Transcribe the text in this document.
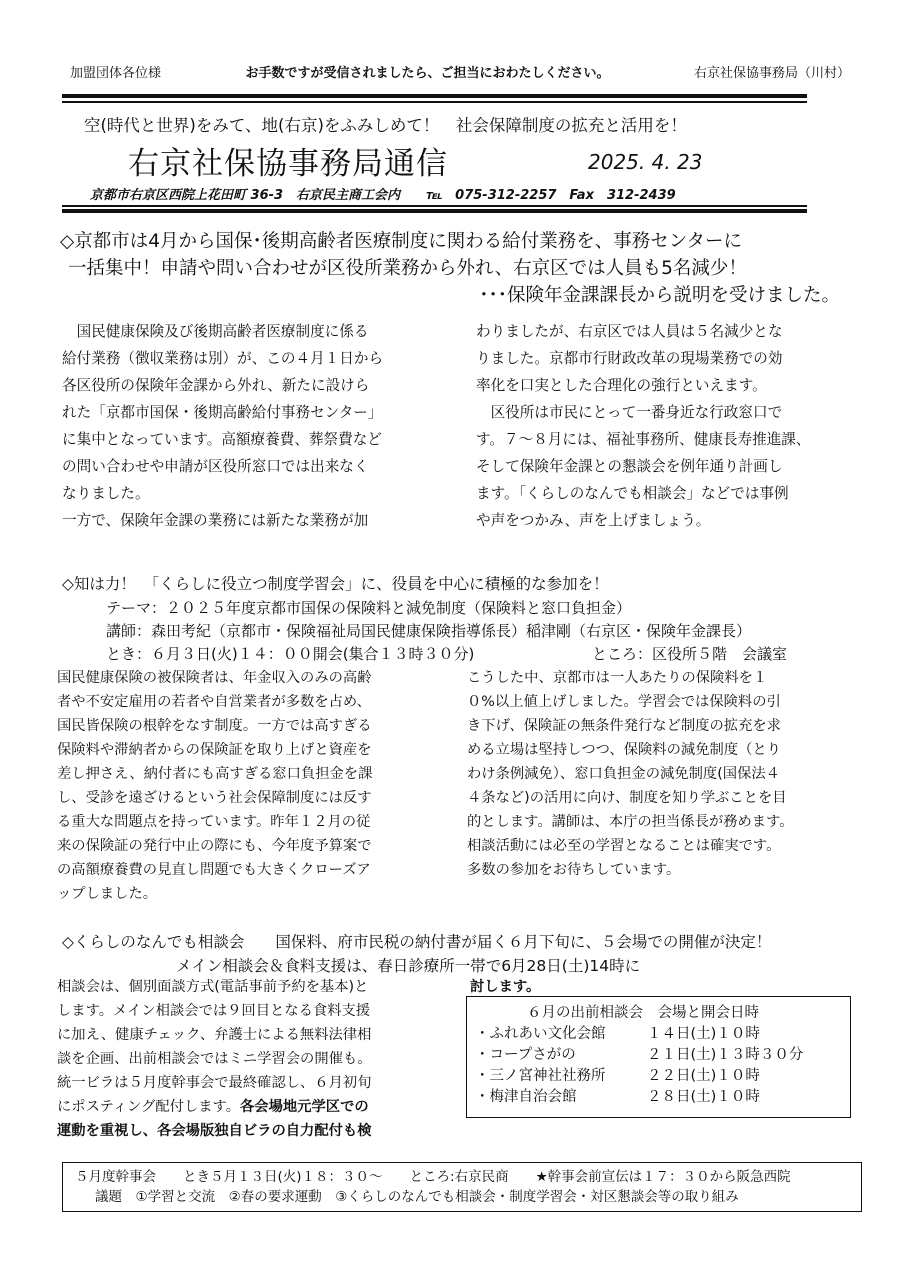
加盟団体各位様	お手数ですが受信されましたら、ご担当におわたしください。	右京社保協事務局（川村）
空(時代と世界)をみて、地(右京)をふみしめて！　社会保障制度の拡充と活用を！
右京社保協事務局通信	2025. 4. 23
京都市右京区西院上花田町 36-3　右京民主商工会内　　℡　075-312-2257　Fax　312-2439
◇京都市は4月から国保･後期高齢者医療制度に関わる給付業務を、事務センターに
一括集中！申請や問い合わせが区役所業務から外れ、右京区では人員も5名減少！
･･･保険年金課課長から説明を受けました。

　国民健康保険及び後期高齢者医療制度に係る

給付業務（徴収業務は別）が、この４月１日から

各区役所の保険年金課から外れ、新たに設けら

れた「京都市国保・後期高齢給付事務センター」

に集中となっています。高額療養費、葬祭費など

の問い合わせや申請が区役所窓口では出来なく

なりました。

一方で、保険年金課の業務には新たな業務が加

わりましたが、右京区では人員は５名減少とな

りました。京都市行財政改革の現場業務での効

率化を口実とした合理化の強行といえます。

　区役所は市民にとって一番身近な行政窓口で

す。７～８月には、福祉事務所、健康長寿推進課、

そして保険年金課との懇談会を例年通り計画し

ます。「くらしのなんでも相談会」などでは事例

や声をつかみ、声を上げましょう。

◇知は力！　「くらしに役立つ制度学習会」に、役員を中心に積極的な参加を！
テーマ：２０２５年度京都市国保の保険料と減免制度（保険料と窓口負担金）
講師：森田考紀（京都市・保険福祉局国民健康保険指導係長）稲津剛（右京区・保険年金課長）
とき：６月３日(火)１４：００開会(集合１３時３０分)	ところ：区役所５階　会議室

国民健康保険の被保険者は、年金収入のみの高齢

者や不安定雇用の若者や自営業者が多数を占め、

国民皆保険の根幹をなす制度。一方では高すぎる

保険料や滞納者からの保険証を取り上げと資産を

差し押さえ、納付者にも高すぎる窓口負担金を課

し、受診を遠ざけるという社会保障制度には反す

る重大な問題点を持っています。昨年１２月の従

来の保険証の発行中止の際にも、今年度予算案で

の高額療養費の見直し問題でも大きくクローズア

ップしました。

こうした中、京都市は一人あたりの保険料を１

０%以上値上げしました。学習会では保険料の引

き下げ、保険証の無条件発行など制度の拡充を求

める立場は堅持しつつ、保険料の減免制度（とり

わけ条例減免）、窓口負担金の減免制度(国保法４

４条など)の活用に向け、制度を知り学ぶことを目

的とします。講師は、本庁の担当係長が務めます。

相談活動には必至の学習となることは確実です。

多数の参加をお待ちしています。

◇くらしのなんでも相談会　　国保料、府市民税の納付書が届く６月下旬に、５会場での開催が決定！
メイン相談会＆食料支援は、春日診療所一帯で6月28日(土)14時に

相談会は、個別面談方式(電話事前予約を基本)と

します。メイン相談会では９回目となる食料支援

に加え、健康チェック、弁護士による無料法律相

談を企画、出前相談会ではミニ学習会の開催も。

統一ビラは５月度幹事会で最終確認し、６月初旬

にポスティング配付します。各会場地元学区での

運動を重視し、各会場版独自ビラの自力配付も検

討します。
６月の出前相談会　会場と開会日時
・ふれあい文化会館	１４日(土)１０時
・コープさがの	２１日(土)１３時３０分
・三ノ宮神社社務所	２２日(土)１０時
・梅津自治会館	２８日(土)１０時
５月度幹事会　　とき５月１３日(火)１８：３０～　　ところ:右京民商　　★幹事会前宣伝は１７：３０から阪急西院
議題　①学習と交流　②春の要求運動　③くらしのなんでも相談会・制度学習会・対区懇談会等の取り組み
